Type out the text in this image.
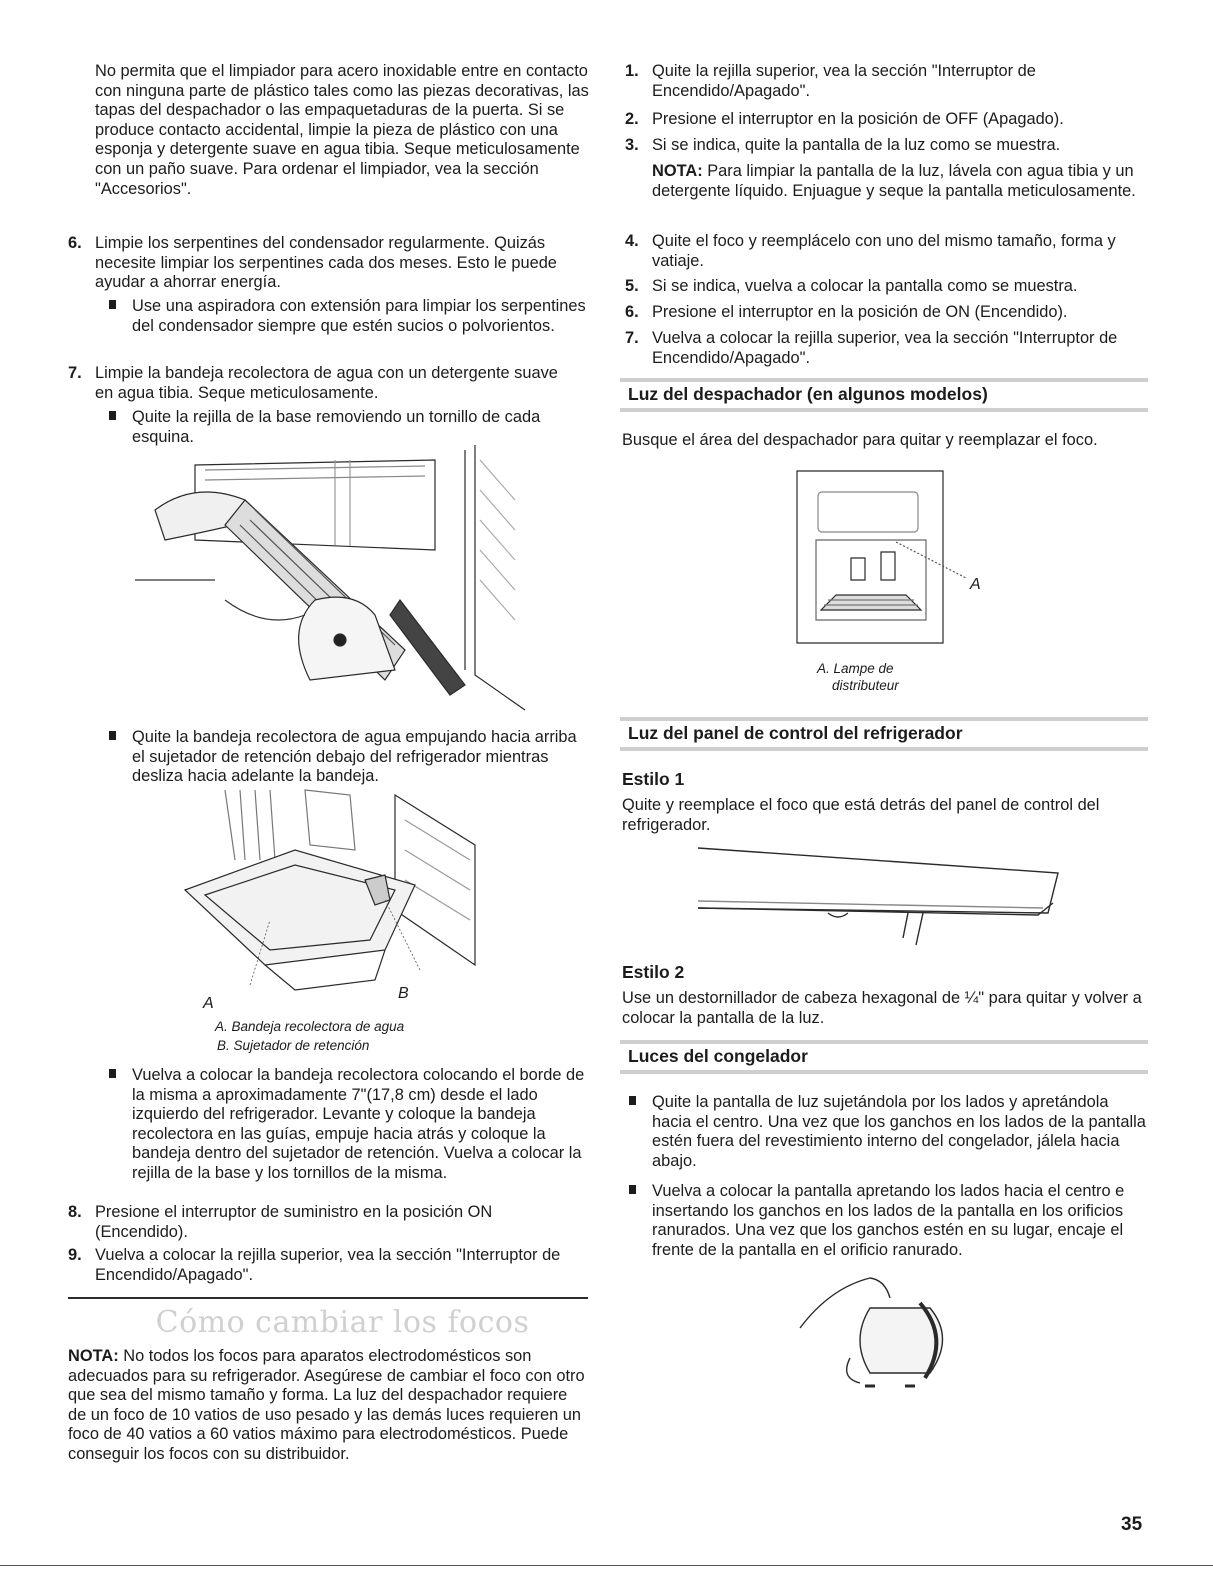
No permita que el limpiador para acero inoxidable entre en contacto con ninguna parte de plástico tales como las piezas decorativas, las tapas del despachador o las empaquetaduras de la puerta. Si se produce contacto accidental, limpie la pieza de plástico con una esponja y detergente suave en agua tibia. Seque meticulosamente con un paño suave. Para ordenar el limpiador, vea la sección "Accesorios".

6. Limpie los serpentines del condensador regularmente. Quizás necesite limpiar los serpentines cada dos meses. Esto le puede ayudar a ahorrar energía.

Use una aspiradora con extensión para limpiar los serpentines del condensador siempre que estén sucios o polvorientos.

7. Limpie la bandeja recolectora de agua con un detergente suave en agua tibia. Seque meticulosamente.

Quite la rejilla de la base removiendo un tornillo de cada esquina.

Quite la bandeja recolectora de agua empujando hacia arriba el sujetador de retención debajo del refrigerador mientras desliza hacia adelante la bandeja.

A
B

A. Bandeja recolectora de agua

B. Sujetador de retención

Vuelva a colocar la bandeja recolectora colocando el borde de la misma a aproximadamente 7"(17,8 cm) desde el lado izquierdo del refrigerador. Levante y coloque la bandeja recolectora en las guías, empuje hacia atrás y coloque la bandeja dentro del sujetador de retención. Vuelva a colocar la rejilla de la base y los tornillos de la misma.

8. Presione el interruptor de suministro en la posición ON (Encendido).

9. Vuelva a colocar la rejilla superior, vea la sección "Interruptor de Encendido/Apagado".

Cómo cambiar los focos

NOTA: No todos los focos para aparatos electrodomésticos son adecuados para su refrigerador. Asegúrese de cambiar el foco con otro que sea del mismo tamaño y forma. La luz del despachador requiere de un foco de 10 vatios de uso pesado y las demás luces requieren un foco de 40 vatios a 60 vatios máximo para electrodomésticos. Puede conseguir los focos con su distribuidor.

1. Quite la rejilla superior, vea la sección "Interruptor de Encendido/Apagado".

2. Presione el interruptor en la posición de OFF (Apagado).

3. Si se indica, quite la pantalla de la luz como se muestra.

NOTA: Para limpiar la pantalla de la luz, lávela con agua tibia y un detergente líquido. Enjuague y seque la pantalla meticulosamente.

4. Quite el foco y reemplácelo con uno del mismo tamaño, forma y vatiaje.

5. Si se indica, vuelva a colocar la pantalla como se muestra.

6. Presione el interruptor en la posición de ON (Encendido).

7. Vuelva a colocar la rejilla superior, vea la sección "Interruptor de Encendido/Apagado".

Luz del despachador (en algunos modelos)

Busque el área del despachador para quitar y reemplazar el foco.

A

A. Lampe de

distributeur

Luz del panel de control del refrigerador

Estilo 1

Quite y reemplace el foco que está detrás del panel de control del refrigerador.

Estilo 2

Use un destornillador de cabeza hexagonal de ¼" para quitar y volver a colocar la pantalla de la luz.

Luces del congelador

Quite la pantalla de luz sujetándola por los lados y apretándola hacia el centro. Una vez que los ganchos en los lados de la pantalla estén fuera del revestimiento interno del congelador, jálela hacia abajo.

Vuelva a colocar la pantalla apretando los lados hacia el centro e insertando los ganchos en los lados de la pantalla en los orificios ranurados. Una vez que los ganchos estén en su lugar, encaje el frente de la pantalla en el orificio ranurado.

35
